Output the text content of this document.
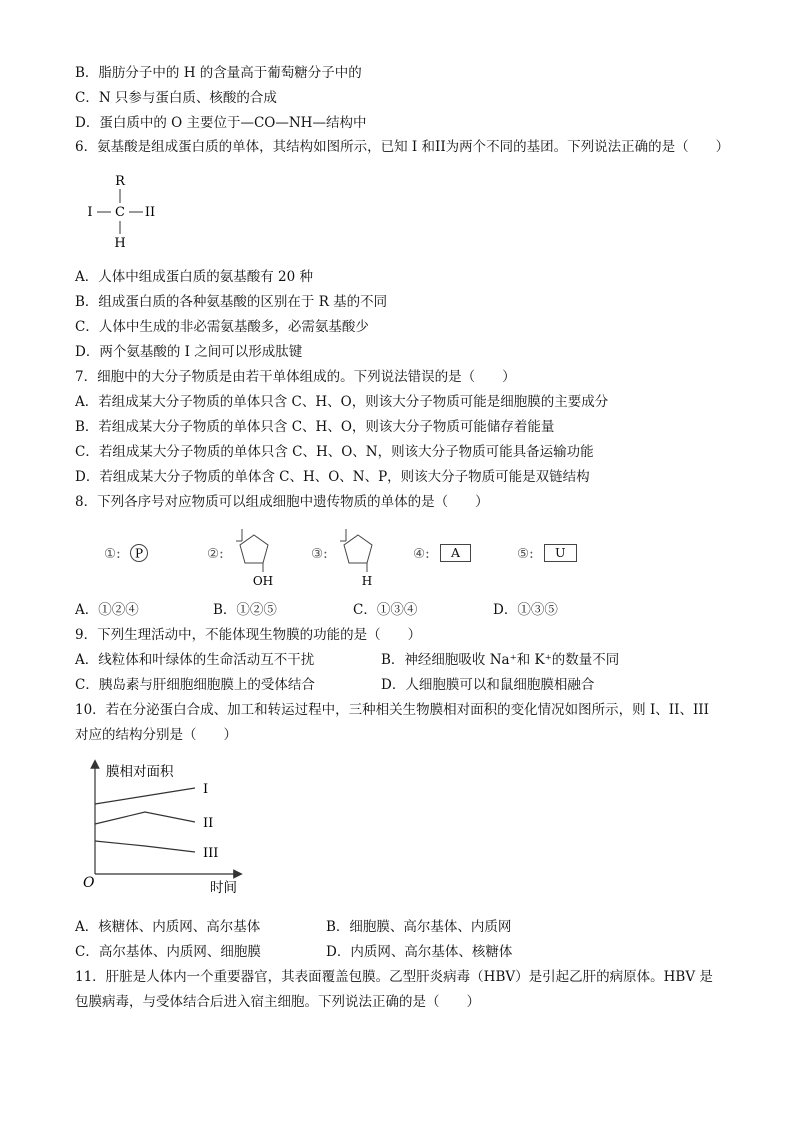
B．脂肪分子中的 H 的含量高于葡萄糖分子中的
C．N 只参与蛋白质、核酸的合成
D．蛋白质中的 O 主要位于—CO—NH—结构中
6．氨基酸是组成蛋白质的单体，其结构如图所示，已知 I 和II为两个不同的基团。下列说法正确的是（　　）
R
I C II
H
A．人体中组成蛋白质的氨基酸有 20 种
B．组成蛋白质的各种氨基酸的区别在于 R 基的不同
C．人体中生成的非必需氨基酸多，必需氨基酸少
D．两个氨基酸的 I 之间可以形成肽键
7．细胞中的大分子物质是由若干单体组成的。下列说法错误的是（　　）
A．若组成某大分子物质的单体只含 C、H、O，则该大分子物质可能是细胞膜的主要成分
B．若组成某大分子物质的单体只含 C、H、O，则该大分子物质可能储存着能量
C．若组成某大分子物质的单体只含 C、H、O、N，则该大分子物质可能具备运输功能
D．若组成某大分子物质的单体含 C、H、O、N、P，则该大分子物质可能是双链结构
8．下列各序号对应物质可以组成细胞中遗传物质的单体的是（　　）
①: P	②:
OH
③:
H
④:	A	⑤:	U
A．①②④	B．①②⑤	C．①③④	D．①③⑤
9．下列生理活动中，不能体现生物膜的功能的是（　　）
A．线粒体和叶绿体的生命活动互不干扰	B．神经细胞吸收 Na⁺和 K⁺的数量不同
C．胰岛素与肝细胞细胞膜上的受体结合	D．人细胞膜可以和鼠细胞膜相融合
10．若在分泌蛋白合成、加工和转运过程中，三种相关生物膜相对面积的变化情况如图所示，则 I、II、III
对应的结构分别是（　　）
膜相对面积
时间
O
I
II
III
A．核糖体、内质网、高尔基体	B．细胞膜、高尔基体、内质网
C．高尔基体、内质网、细胞膜	D．内质网、高尔基体、核糖体
11．肝脏是人体内一个重要器官，其表面覆盖包膜。乙型肝炎病毒（HBV）是引起乙肝的病原体。HBV 是
包膜病毒，与受体结合后进入宿主细胞。下列说法正确的是（　　）
